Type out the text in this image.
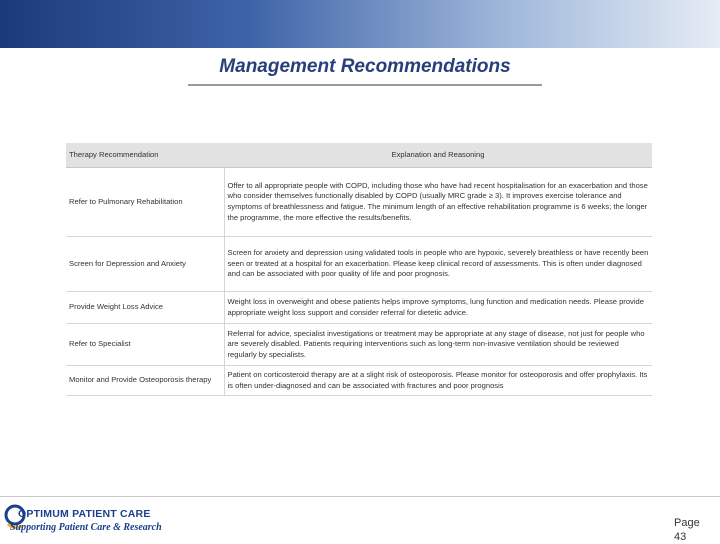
Management Recommendations
Therapy Recommendation	Explanation and Reasoning
Refer to Pulmonary Rehabilitation	Offer to all appropriate people with COPD, including those who have had recent hospitalisation for an exacerbation and those who consider themselves functionally disabled by COPD (usually MRC grade ≥ 3). It improves exercise tolerance and symptoms of breathlessness and fatigue. The minimum length of an effective rehabilitation programme is 6 weeks; the longer the programme, the more effective the results/benefits.
Screen for Depression and Anxiety	Screen for anxiety and depression using validated tools in people who are hypoxic, severely breathless or have recently been seen or treated at a hospital for an exacerbation. Please keep clinical record of assessments. This is often under diagnosed and can be associated with poor quality of life and poor prognosis.
Provide Weight Loss Advice	Weight loss in overweight and obese patients helps improve symptoms, lung function and medication needs. Please provide appropriate weight loss support and consider referral for dietetic advice.
Refer to Specialist	Referral for advice, specialist investigations or treatment may be appropriate at any stage of disease, not just for people who are severely disabled. Patients requiring interventions such as long-term non-invasive ventilation should be reviewed regularly by specialists.
Monitor and Provide Osteoporosis therapy	Patient on corticosteroid therapy are at a slight risk of osteoporosis. Please monitor for osteoporosis and offer prophylaxis. Its is often under-diagnosed and can be associated with fractures and poor prognosis
OPTIMUM PATIENT CARE
Supporting Patient Care & Research	Page
43
